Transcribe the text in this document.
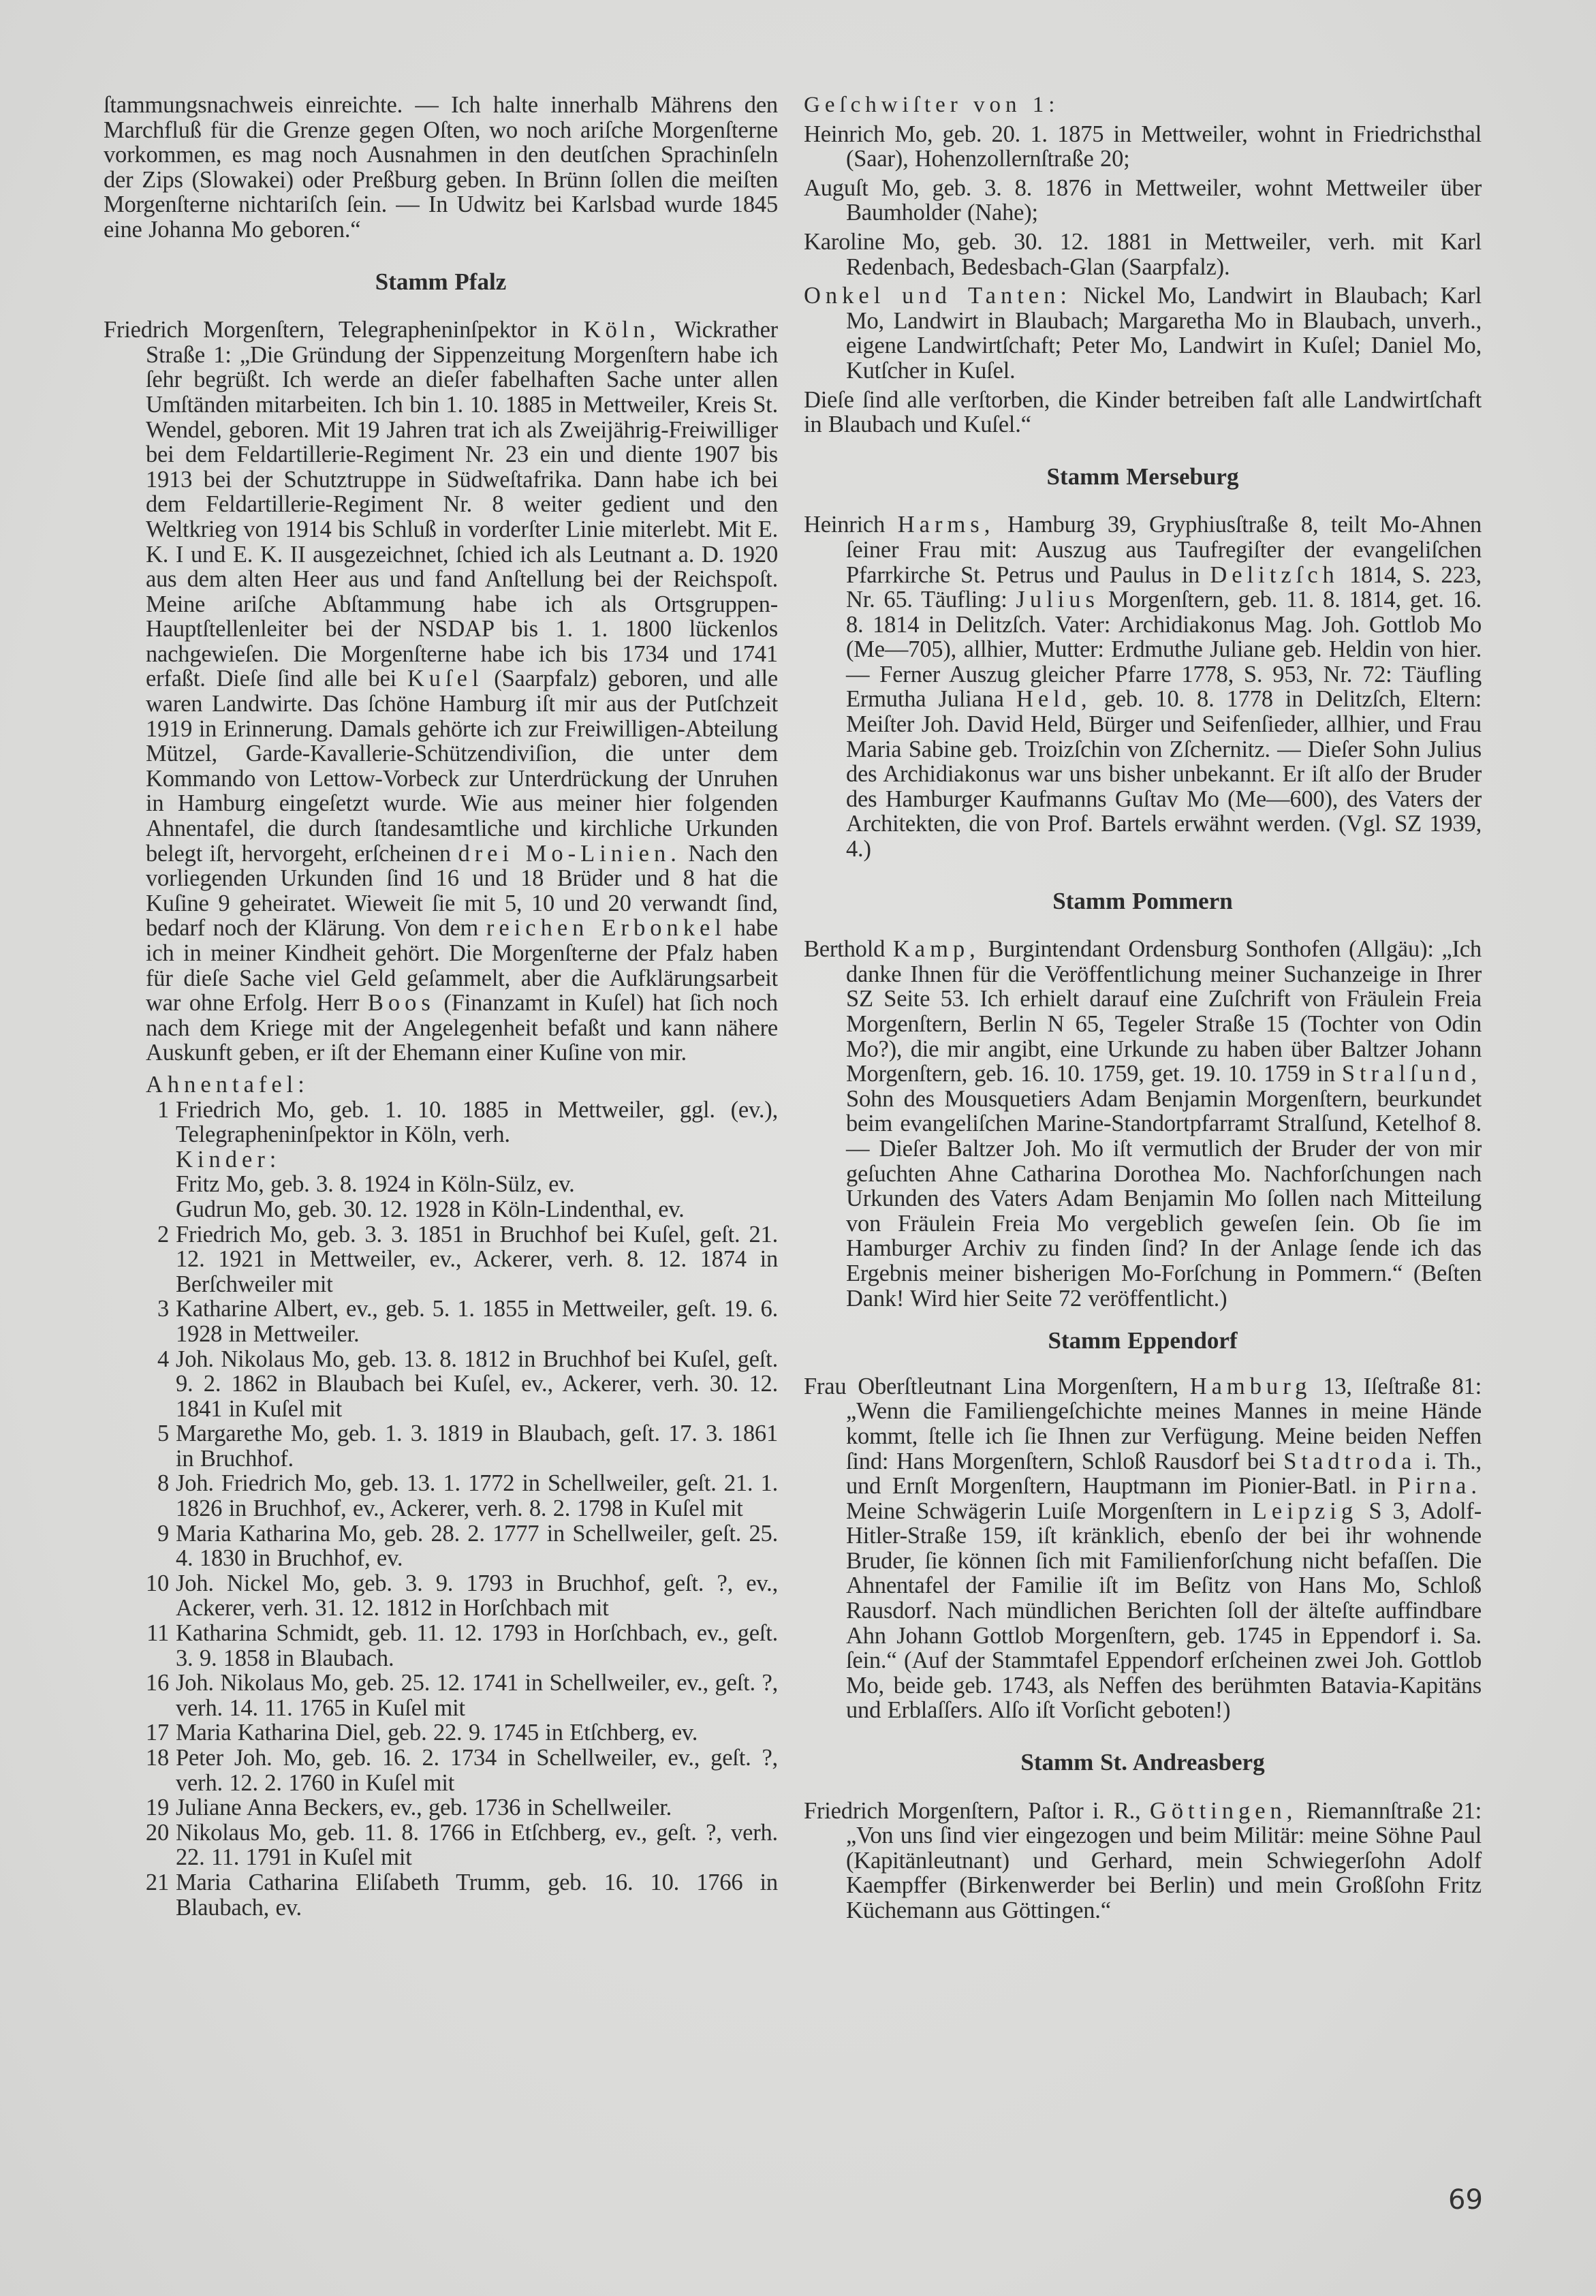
ſtammungsnachweis einreichte. — Ich halte innerhalb Mährens den Marchfluß für die Grenze gegen Oſten, wo noch ariſche Morgenſterne vorkommen, es mag noch Ausnahmen in den deutſchen Sprachinſeln der Zips (Slowakei) oder Preßburg geben. In Brünn ſollen die meiſten Morgenſterne nichtariſch ſein. — In Udwitz bei Karlsbad wurde 1845 eine Johanna Mo geboren.“

Stamm Pfalz

Friedrich Morgenſtern, Telegrapheninſpektor in Köln, Wickrather Straße 1: „Die Gründung der Sippenzeitung Morgenſtern habe ich ſehr begrüßt. Ich werde an dieſer fabelhaften Sache unter allen Umſtänden mitarbeiten. Ich bin 1. 10. 1885 in Mettweiler, Kreis St. Wendel, geboren. Mit 19 Jahren trat ich als Zweijährig-Freiwilliger bei dem Feldartillerie-Regiment Nr. 23 ein und diente 1907 bis 1913 bei der Schutztruppe in Südweſtafrika. Dann habe ich bei dem Feldartillerie-Regiment Nr. 8 weiter gedient und den Weltkrieg von 1914 bis Schluß in vorderſter Linie miterlebt. Mit E. K. I und E. K. II ausgezeichnet, ſchied ich als Leutnant a. D. 1920 aus dem alten Heer aus und fand Anſtellung bei der Reichspoſt. Meine ariſche Abſtammung habe ich als Ortsgruppen-Hauptſtellenleiter bei der NSDAP bis 1. 1. 1800 lückenlos nachgewieſen. Die Morgenſterne habe ich bis 1734 und 1741 erfaßt. Dieſe ſind alle bei Kuſel (Saarpfalz) geboren, und alle waren Landwirte. Das ſchöne Hamburg iſt mir aus der Putſchzeit 1919 in Erinnerung. Damals gehörte ich zur Freiwilligen-Abteilung Mützel, Garde-Kavallerie-Schützendiviſion, die unter dem Kommando von Lettow-Vorbeck zur Unterdrückung der Unruhen in Hamburg eingeſetzt wurde. Wie aus meiner hier folgenden Ahnentafel, die durch ſtandesamtliche und kirchliche Urkunden belegt iſt, hervorgeht, erſcheinen drei Mo-Linien. Nach den vorliegenden Urkunden ſind 16 und 18 Brüder und 8 hat die Kuſine 9 geheiratet. Wieweit ſie mit 5, 10 und 20 verwandt ſind, bedarf noch der Klärung. Von dem reichen Erbonkel habe ich in meiner Kindheit gehört. Die Morgenſterne der Pfalz haben für dieſe Sache viel Geld geſammelt, aber die Aufklärungsarbeit war ohne Erfolg. Herr Boos (Finanzamt in Kuſel) hat ſich noch nach dem Kriege mit der Angelegenheit befaßt und kann nähere Auskunft geben, er iſt der Ehemann einer Kuſine von mir.

Ahnentafel:

1 Friedrich Mo, geb. 1. 10. 1885 in Mettweiler, ggl. (ev.), Telegrapheninſpektor in Köln, verh.

Kinder:

Fritz Mo, geb. 3. 8. 1924 in Köln-Sülz, ev.

Gudrun Mo, geb. 30. 12. 1928 in Köln-Lindenthal, ev.

2 Friedrich Mo, geb. 3. 3. 1851 in Bruchhof bei Kuſel, geſt. 21. 12. 1921 in Mettweiler, ev., Ackerer, verh. 8. 12. 1874 in Berſchweiler mit
3 Katharine Albert, ev., geb. 5. 1. 1855 in Mettweiler, geſt. 19. 6. 1928 in Mettweiler.
4 Joh. Nikolaus Mo, geb. 13. 8. 1812 in Bruchhof bei Kuſel, geſt. 9. 2. 1862 in Blaubach bei Kuſel, ev., Ackerer, verh. 30. 12. 1841 in Kuſel mit
5 Margarethe Mo, geb. 1. 3. 1819 in Blaubach, geſt. 17. 3. 1861 in Bruchhof.
8 Joh. Friedrich Mo, geb. 13. 1. 1772 in Schellweiler, geſt. 21. 1. 1826 in Bruchhof, ev., Ackerer, verh. 8. 2. 1798 in Kuſel mit
9 Maria Katharina Mo, geb. 28. 2. 1777 in Schellweiler, geſt. 25. 4. 1830 in Bruchhof, ev.
10 Joh. Nickel Mo, geb. 3. 9. 1793 in Bruchhof, geſt. ?, ev., Ackerer, verh. 31. 12. 1812 in Horſchbach mit
11 Katharina Schmidt, geb. 11. 12. 1793 in Horſchbach, ev., geſt. 3. 9. 1858 in Blaubach.
16 Joh. Nikolaus Mo, geb. 25. 12. 1741 in Schellweiler, ev., geſt. ?, verh. 14. 11. 1765 in Kuſel mit
17 Maria Katharina Diel, geb. 22. 9. 1745 in Etſchberg, ev.
18 Peter Joh. Mo, geb. 16. 2. 1734 in Schellweiler, ev., geſt. ?, verh. 12. 2. 1760 in Kuſel mit
19 Juliane Anna Beckers, ev., geb. 1736 in Schellweiler.
20 Nikolaus Mo, geb. 11. 8. 1766 in Etſchberg, ev., geſt. ?, verh. 22. 11. 1791 in Kuſel mit
21 Maria Catharina Eliſabeth Trumm, geb. 16. 10. 1766 in Blaubach, ev.

Geſchwiſter von 1:

Heinrich Mo, geb. 20. 1. 1875 in Mettweiler, wohnt in Friedrichsthal (Saar), Hohenzollernſtraße 20;

Auguſt Mo, geb. 3. 8. 1876 in Mettweiler, wohnt Mettweiler über Baumholder (Nahe);

Karoline Mo, geb. 30. 12. 1881 in Mettweiler, verh. mit Karl Redenbach, Bedesbach-Glan (Saarpfalz).

Onkel und Tanten: Nickel Mo, Landwirt in Blaubach; Karl Mo, Landwirt in Blaubach; Margaretha Mo in Blaubach, unverh., eigene Landwirtſchaft; Peter Mo, Landwirt in Kuſel; Daniel Mo, Kutſcher in Kuſel.

Dieſe ſind alle verſtorben, die Kinder betreiben faſt alle Landwirtſchaft in Blaubach und Kuſel.“

Stamm Merseburg

Heinrich Harms, Hamburg 39, Gryphiusſtraße 8, teilt Mo-Ahnen ſeiner Frau mit: Auszug aus Taufregiſter der evangeliſchen Pfarrkirche St. Petrus und Paulus in Delitzſch 1814, S. 223, Nr. 65. Täufling: Julius Morgenſtern, geb. 11. 8. 1814, get. 16. 8. 1814 in Delitzſch. Vater: Archidiakonus Mag. Joh. Gottlob Mo (Me—705), allhier, Mutter: Erdmuthe Juliane geb. Heldin von hier. — Ferner Auszug gleicher Pfarre 1778, S. 953, Nr. 72: Täufling Ermutha Juliana Held, geb. 10. 8. 1778 in Delitzſch, Eltern: Meiſter Joh. David Held, Bürger und Seifenſieder, allhier, und Frau Maria Sabine geb. Troizſchin von Zſchernitz. — Dieſer Sohn Julius des Archidiakonus war uns bisher unbekannt. Er iſt alſo der Bruder des Hamburger Kaufmanns Guſtav Mo (Me—600), des Vaters der Architekten, die von Prof. Bartels erwähnt werden. (Vgl. SZ 1939, 4.)

Stamm Pommern

Berthold Kamp, Burgintendant Ordensburg Sonthofen (Allgäu): „Ich danke Ihnen für die Veröffentlichung meiner Suchanzeige in Ihrer SZ Seite 53. Ich erhielt darauf eine Zuſchrift von Fräulein Freia Morgenſtern, Berlin N 65, Tegeler Straße 15 (Tochter von Odin Mo?), die mir angibt, eine Urkunde zu haben über Baltzer Johann Morgenſtern, geb. 16. 10. 1759, get. 19. 10. 1759 in Stralſund, Sohn des Mousquetiers Adam Benjamin Morgenſtern, beurkundet beim evangeliſchen Marine-Standortpfarramt Stralſund, Ketelhof 8. — Dieſer Baltzer Joh. Mo iſt vermutlich der Bruder der von mir geſuchten Ahne Catharina Dorothea Mo. Nachforſchungen nach Urkunden des Vaters Adam Benjamin Mo ſollen nach Mitteilung von Fräulein Freia Mo vergeblich geweſen ſein. Ob ſie im Hamburger Archiv zu finden ſind? In der Anlage ſende ich das Ergebnis meiner bisherigen Mo-Forſchung in Pommern.“ (Beſten Dank! Wird hier Seite 72 veröffentlicht.)

Stamm Eppendorf

Frau Oberſtleutnant Lina Morgenſtern, Hamburg 13, Iſeſtraße 81: „Wenn die Familiengeſchichte meines Mannes in meine Hände kommt, ſtelle ich ſie Ihnen zur Verfügung. Meine beiden Neffen ſind: Hans Morgenſtern, Schloß Rausdorf bei Stadtroda i. Th., und Ernſt Morgenſtern, Hauptmann im Pionier-Batl. in Pirna. Meine Schwägerin Luiſe Morgenſtern in Leipzig S 3, Adolf-Hitler-Straße 159, iſt kränklich, ebenſo der bei ihr wohnende Bruder, ſie können ſich mit Familienforſchung nicht befaſſen. Die Ahnentafel der Familie iſt im Beſitz von Hans Mo, Schloß Rausdorf. Nach mündlichen Berichten ſoll der älteſte auffindbare Ahn Johann Gottlob Morgenſtern, geb. 1745 in Eppendorf i. Sa. ſein.“ (Auf der Stammtafel Eppendorf erſcheinen zwei Joh. Gottlob Mo, beide geb. 1743, als Neffen des berühmten Batavia-Kapitäns und Erblaſſers. Alſo iſt Vorſicht geboten!)

Stamm St. Andreasberg

Friedrich Morgenſtern, Paſtor i. R., Göttingen, Riemannſtraße 21: „Von uns ſind vier eingezogen und beim Militär: meine Söhne Paul (Kapitänleutnant) und Gerhard, mein Schwiegerſohn Adolf Kaempffer (Birkenwerder bei Berlin) und mein Großſohn Fritz Küchemann aus Göttingen.“

69
